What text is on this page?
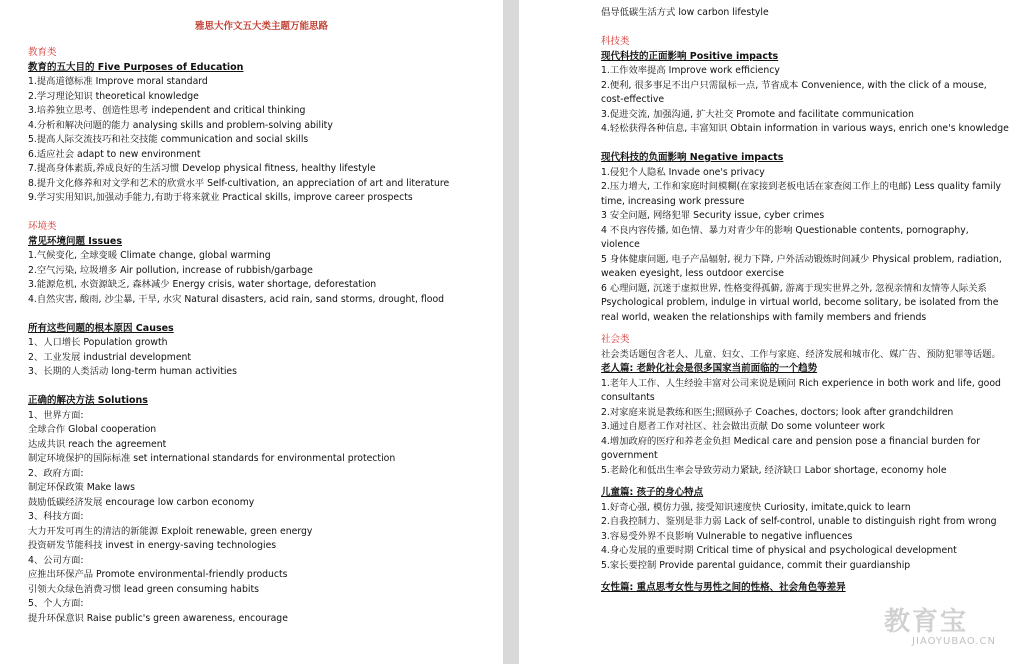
雅思大作文五大类主题万能思路
教育类
教育的五大目的 Five Purposes of Education
1.提高道德标准 Improve moral standard
2.学习理论知识 theoretical knowledge
3.培养独立思考、创造性思考 independent and critical thinking
4.分析和解决问题的能力 analysing skills and problem-solving ability
5.提高人际交流技巧和社交技能 communication and social skills
6.适应社会 adapt to new environment
7.提高身体素质,养成良好的生活习惯 Develop physical fitness, healthy lifestyle
8.提升文化修养和对文学和艺术的欣赏水平 Self-cultivation, an appreciation of art and literature
9.学习实用知识,加强动手能力,有助于将来就业 Practical skills, improve career prospects
环境类
常见环境问题 Issues
1.气候变化, 全球变暖 Climate change, global warming
2.空气污染, 垃圾增多 Air pollution, increase of rubbish/garbage
3.能源危机, 水资源缺乏, 森林减少 Energy crisis, water shortage, deforestation
4.自然灾害, 酸雨, 沙尘暴, 干旱, 水灾 Natural disasters, acid rain, sand storms, drought, flood
所有这些问题的根本原因 Causes
1、人口增长 Population growth
2、工业发展 industrial development
3、长期的人类活动 long-term human activities
正确的解决方法 Solutions
1、世界方面:
全球合作 Global cooperation
达成共识 reach the agreement
制定环境保护的国际标准 set international standards for environmental protection
2、政府方面:
制定环保政策 Make laws
鼓励低碳经济发展 encourage low carbon economy
3、科技方面:
大力开发可再生的清洁的新能源 Exploit renewable, green energy
投资研发节能科技 invest in energy-saving technologies
4、公司方面:
应推出环保产品 Promote environmental-friendly products
引领大众绿色消费习惯 lead green consuming habits
5、个人方面:
提升环保意识 Raise public's green awareness, encourage
倡导低碳生活方式 low carbon lifestyle
科技类
现代科技的正面影响 Positive impacts
1.工作效率提高 Improve work efficiency
2.便利, 很多事足不出户只需鼠标一点, 节省成本 Convenience, with the click of a mouse, cost-effective
3.促进交流, 加强沟通, 扩大社交 Promote and facilitate communication
4.轻松获得各种信息, 丰富知识 Obtain information in various ways, enrich one's knowledge
现代科技的负面影响 Negative impacts
1.侵犯个人隐私 Invade one's privacy
2.压力增大, 工作和家庭时间模糊(在家接到老板电话在家查阅工作上的电邮) Less quality family time, increasing work pressure
3 安全问题, 网络犯罪 Security issue, cyber crimes
4 不良内容传播, 如色情、暴力对青少年的影响 Questionable contents, pornography, violence
5 身体健康问题, 电子产品辐射, 视力下降, 户外活动锻炼时间减少 Physical problem, radiation, weaken eyesight, less outdoor exercise
6 心理问题, 沉迷于虚拟世界, 性格变得孤僻, 游离于现实世界之外, 忽视亲情和友情等人际关系 Psychological problem, indulge in virtual world, become solitary, be isolated from the real world, weaken the relationships with family members and friends
社会类
社会类话题包含老人、儿童、妇女、工作与家庭、经济发展和城市化、媒广告、预防犯罪等话题。
老人篇: 老龄化社会是很多国家当前面临的一个趋势
1.老年人工作、人生经验丰富对公司来说是顾问 Rich experience in both work and life, good consultants
2.对家庭来说是教练和医生;照顾孙子 Coaches, doctors; look after grandchildren
3.通过自愿者工作对社区、社会做出贡献 Do some volunteer work
4.增加政府的医疗和养老金负担 Medical care and pension pose a financial burden for government
5.老龄化和低出生率会导致劳动力紧缺, 经济缺口 Labor shortage, economy hole
儿童篇: 孩子的身心特点
1.好奇心强, 模仿力强, 接受知识速度快 Curiosity, imitate,quick to learn
2.自我控制力、鉴别是非力弱 Lack of self-control, unable to distinguish right from wrong
3.容易受外界不良影响 Vulnerable to negative influences
4.身心发展的重要时期 Critical time of physical and psychological development
5.家长要控制 Provide parental guidance, commit their guardianship
女性篇: 重点思考女性与男性之间的性格、社会角色等差异
教育宝
JIAOYUBAO.CN
